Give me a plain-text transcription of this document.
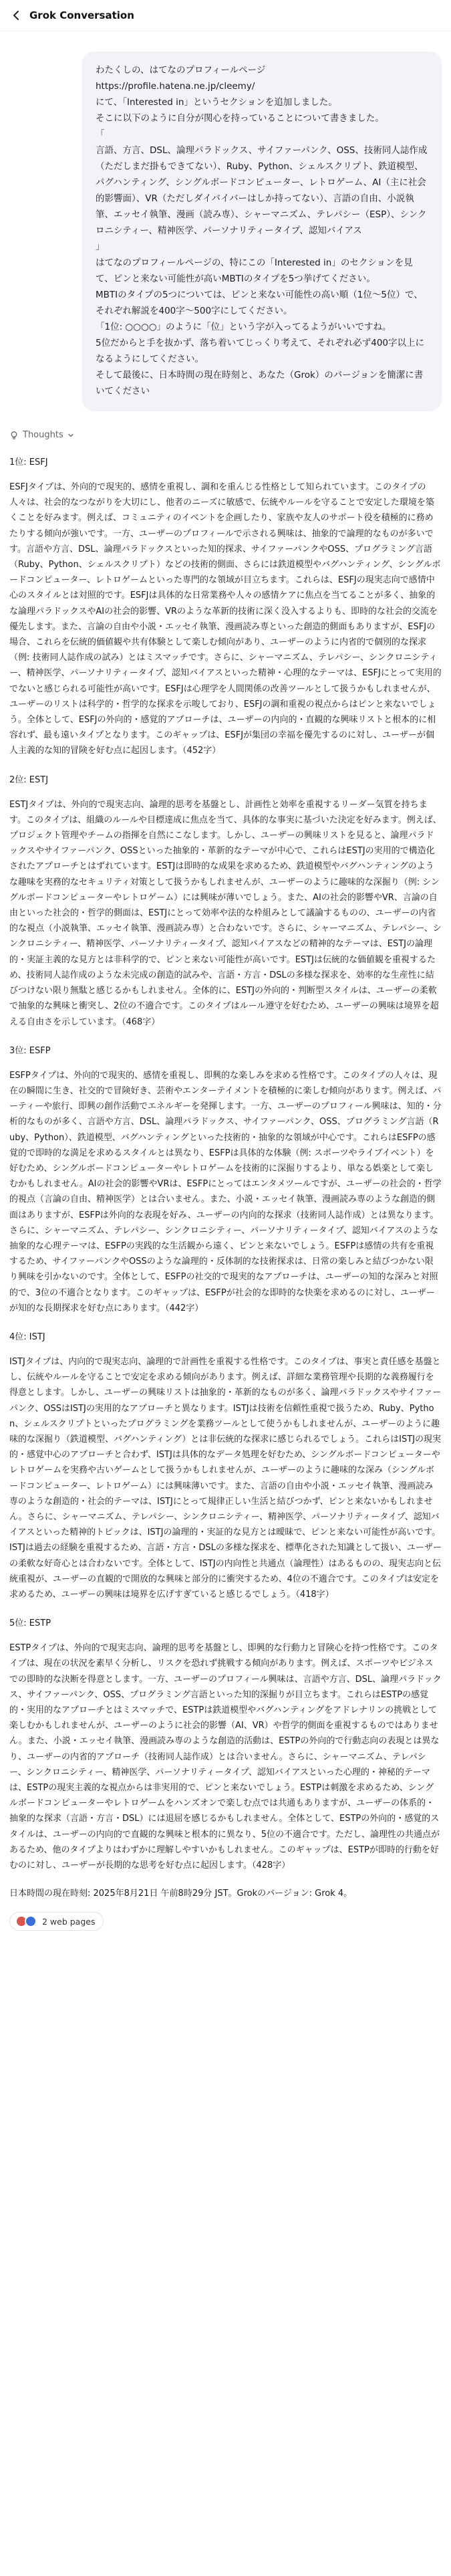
Grok Conversation

わたくしの、はてなのプロフィールページ

https://profile.hatena.ne.jp/cleemy/

にて、「Interested in」というセクションを追加しました。

そこに以下のように自分が関心を持っていることについて書きました。

「

言語、方言、DSL、論理パラドックス、サイファーパンク、OSS、技術同人誌作成（ただしまだ掛もできてない）、Ruby、Python、シェルスクリプト、鉄道模型、パグハンティング、シングルボードコンピューター、レトロゲーム、AI（主に社会的影響面）、VR（ただしダイバイバーはしか持ってない）、言語の自由、小説執筆、エッセイ執筆、漫画（読み専）、シャーマニズム、テレパシー（ESP）、シンクロニシティー、精神医学、パーソナリティータイプ、認知バイアス

」

はてなのプロフィールページの、特にこの「Interested in」のセクションを見て、ピンと来ない可能性が高いMBTIのタイプを5つ挙げてください。

MBTIのタイプの5つについては、ピンと来ない可能性の高い順（1位〜5位）で、それぞれ解説を400字〜500字にしてください。

「1位: ○○○○」のように「位」という字が入ってるようがいいですね。

5位だからと手を抜かず、落ち着いてじっくり考えて、それぞれ必ず400字以上になるようにしてください。

そして最後に、日本時間の現在時刻と、あなた（Grok）のバージョンを簡潔に書いてください

Thoughts

1位: ESFJ

ESFJタイプは、外向的で現実的、感情を重視し、調和を重んじる性格として知られています。このタイプの人々は、社会的なつながりを大切にし、他者のニーズに敏感で、伝統やルールを守ることで安定した環境を築くことを好みます。例えば、コミュニティのイベントを企画したり、家族や友人のサポート役を積極的に務めたりする傾向が強いです。一方、ユーザーのプロフィールで示される興味は、抽象的で論理的なものが多いです。言語や方言、DSL、論理パラドックスといった知的探求、サイファーパンクやOSS、プログラミング言語（Ruby、Python、シェルスクリプト）などの技術的側面、さらには鉄道模型やバグハンティング、シングルボードコンピューター、レトロゲームといった専門的な領域が目立ちます。これらは、ESFJの現実志向で感情中心のスタイルとは対照的です。ESFJは具体的な日常業務や人々の感情ケアに焦点を当てることが多く、抽象的な論理パラドックスやAIの社会的影響、VRのような革新的技術に深く没入するよりも、即時的な社会的交流を優先します。また、言論の自由や小説・エッセイ執筆、漫画読み専といった創造的側面もありますが、ESFJの場合、これらを伝統的価値観や共有体験として楽しむ傾向があり、ユーザーのように内省的で個別的な探求（例: 技術同人誌作成の試み）とはミスマッチです。さらに、シャーマニズム、テレパシー、シンクロニシティー、精神医学、パーソナリティータイプ、認知バイアスといった精神・心理的なテーマは、ESFJにとって実用的でないと感じられる可能性が高いです。ESFJは心理学を人間関係の改善ツールとして扱うかもしれませんが、ユーザーのリストは科学的・哲学的な探求を示唆しており、ESFJの調和重視の視点からはピンと来ないでしょう。全体として、ESFJの外向的・感覚的アプローチは、ユーザーの内向的・直観的な興味リストと根本的に相容れず、最も遠いタイプとなります。このギャップは、ESFJが集団の幸福を優先するのに対し、ユーザーが個人主義的な知的冒険を好む点に起因します。（452字）

2位: ESTJ

ESTJタイプは、外向的で現実志向、論理的思考を基盤とし、計画性と効率を重視するリーダー気質を持ちます。このタイプは、組織のルールや目標達成に焦点を当て、具体的な事実に基づいた決定を好みます。例えば、プロジェクト管理やチームの指揮を自然にこなします。しかし、ユーザーの興味リストを見ると、論理パラドックスやサイファーパンク、OSSといった抽象的・革新的なテーマが中心で、これらはESTJの実用的で構造化されたアプローチとはずれています。ESTJは即時的な成果を求めるため、鉄道模型やバグハンティングのような趣味を実務的なセキュリティ対策として扱うかもしれませんが、ユーザーのように趣味的な深掘り（例: シングルボードコンピューターやレトロゲーム）には興味が薄いでしょう。また、AIの社会的影響やVR、言論の自由といった社会的・哲学的側面は、ESTJにとって効率や法的な枠組みとして議論するものの、ユーザーの内省的な視点（小説執筆、エッセイ執筆、漫画読み専）と合わないです。さらに、シャーマニズム、テレパシー、シンクロニシティー、精神医学、パーソナリティータイプ、認知バイアスなどの精神的なテーマは、ESTJの論理的・実証主義的な見方とは非科学的で、ピンと来ない可能性が高いです。ESTJは伝統的な価値観を重視するため、技術同人誌作成のような未完成の創造的試みや、言語・方言・DSLの多様な探求を、効率的な生産性に結びつけない限り無駄と感じるかもしれません。全体的に、ESTJの外向的・判断型スタイルは、ユーザーの柔軟で抽象的な興味と衝突し、2位の不適合です。このタイプはルール遵守を好むため、ユーザーの興味は境界を超える自由さを示しています。（468字）

3位: ESFP

ESFPタイプは、外向的で現実的、感情を重視し、即興的な楽しみを求める性格です。このタイプの人々は、現在の瞬間に生き、社交的で冒険好き、芸術やエンターテイメントを積極的に楽しむ傾向があります。例えば、パーティーや旅行、即興の創作活動でエネルギーを発揮します。一方、ユーザーのプロフィール興味は、知的・分析的なものが多く、言語や方言、DSL、論理パラドックス、サイファーパンク、OSS、プログラミング言語（Ruby、Python）、鉄道模型、バグハンティングといった技術的・抽象的な領域が中心です。これらはESFPの感覚的で即時的な満足を求めるスタイルとは異なり、ESFPは具体的な体験（例: スポーツやライブイベント）を好むため、シングルボードコンピューターやレトロゲームを技術的に深掘りするより、単なる娯楽として楽しむかもしれません。AIの社会的影響やVRは、ESFPにとってはエンタメツールですが、ユーザーの社会的・哲学的視点（言論の自由、精神医学）とは合いません。また、小説・エッセイ執筆、漫画読み専のような創造的側面はありますが、ESFPは外向的な表現を好み、ユーザーの内向的な探求（技術同人誌作成）とは異なります。さらに、シャーマニズム、テレパシー、シンクロニシティー、パーソナリティータイプ、認知バイアスのような抽象的な心理テーマは、ESFPの実践的な生活観から遠く、ピンと来ないでしょう。ESFPは感情の共有を重視するため、サイファーパンクやOSSのような論理的・反体制的な技術探求は、日常の楽しみと結びつかない限り興味を引かないのです。全体として、ESFPの社交的で現実的なアプローチは、ユーザーの知的な深みと対照的で、3位の不適合となります。このギャップは、ESFPが社会的な即時的な快楽を求めるのに対し、ユーザーが知的な長期探求を好む点にあります。（442字）

4位: ISTJ

ISTJタイプは、内向的で現実志向、論理的で計画性を重視する性格です。このタイプは、事実と責任感を基盤とし、伝統やルールを守ることで安定を求める傾向があります。例えば、詳細な業務管理や長期的な義務履行を得意とします。しかし、ユーザーの興味リストは抽象的・革新的なものが多く、論理パラドックスやサイファーパンク、OSSはISTJの実用的なアプローチと異なります。ISTJは技術を信頼性重視で扱うため、Ruby、Python、シェルスクリプトといったプログラミングを業務ツールとして使うかもしれませんが、ユーザーのように趣味的な深掘り（鉄道模型、バグハンティング）とは非伝統的な探求に感じられるでしょう。これらはISTJの現実的・感覚中心のアプローチと合わず、ISTJは具体的なデータ処理を好むため、シングルボードコンピューターやレトロゲームを実務や古いゲームとして扱うかもしれませんが、ユーザーのように趣味的な深み（シングルボードコンピューター、レトロゲーム）には興味薄いです。また、言語の自由や小説・エッセイ執筆、漫画読み専のような創造的・社会的テーマは、ISTJにとって規律正しい生活と結びつかず、ピンと来ないかもしれません。さらに、シャーマニズム、テレパシー、シンクロニシティー、精神医学、パーソナリティータイプ、認知バイアスといった精神的トピックは、ISTJの論理的・実証的な見方とは曖昧で、ピンと来ない可能性が高いです。ISTJは過去の経験を重視するため、言語・方言・DSLの多様な探求を、標準化された知識として扱い、ユーザーの柔軟な好奇心とは合わないです。全体として、ISTJの内向性と共通点（論理性）はあるものの、現実志向と伝統重視が、ユーザーの直観的で開放的な興味と部分的に衝突するため、4位の不適合です。このタイプは安定を求めるため、ユーザーの興味は境界を広げすぎていると感じるでしょう。（418字）

5位: ESTP

ESTPタイプは、外向的で現実志向、論理的思考を基盤とし、即興的な行動力と冒険心を持つ性格です。このタイプは、現在の状況を素早く分析し、リスクを恐れず挑戦する傾向があります。例えば、スポーツやビジネスでの即時的な決断を得意とします。一方、ユーザーのプロフィール興味は、言語や方言、DSL、論理パラドックス、サイファーパンク、OSS、プログラミング言語といった知的深掘りが目立ちます。これらはESTPの感覚的・実用的なアプローチとはミスマッチで、ESTPは鉄道模型やバグハンティングをアドレナリンの挑戦として楽しむかもしれませんが、ユーザーのように社会的影響（AI、VR）や哲学的側面を重視するものではありません。また、小説・エッセイ執筆、漫画読み専のような創造的活動は、ESTPの外向的で行動志向の表現とは異なり、ユーザーの内省的アプローチ（技術同人誌作成）とは合いません。さらに、シャーマニズム、テレパシー、シンクロニシティー、精神医学、パーソナリティータイプ、認知バイアスといった心理的・神秘的テーマは、ESTPの現実主義的な視点からは非実用的で、ピンと来ないでしょう。ESTPは刺激を求めるため、シングルボードコンピューターやレトロゲームをハンズオンで楽しむ点では共通もありますが、ユーザーの体系的・抽象的な探求（言語・方言・DSL）には退屈を感じるかもしれません。全体として、ESTPの外向的・感覚的スタイルは、ユーザーの内向的で直観的な興味と根本的に異なり、5位の不適合です。ただし、論理性の共通点があるため、他のタイプよりはわずかに理解しやすいかもしれません。このギャップは、ESTPが即時的行動を好むのに対し、ユーザーが長期的な思考を好む点に起因します。（428字）

日本時間の現在時刻: 2025年8月21日 午前8時29分 JST。Grokのバージョン: Grok 4。

2 web pages
